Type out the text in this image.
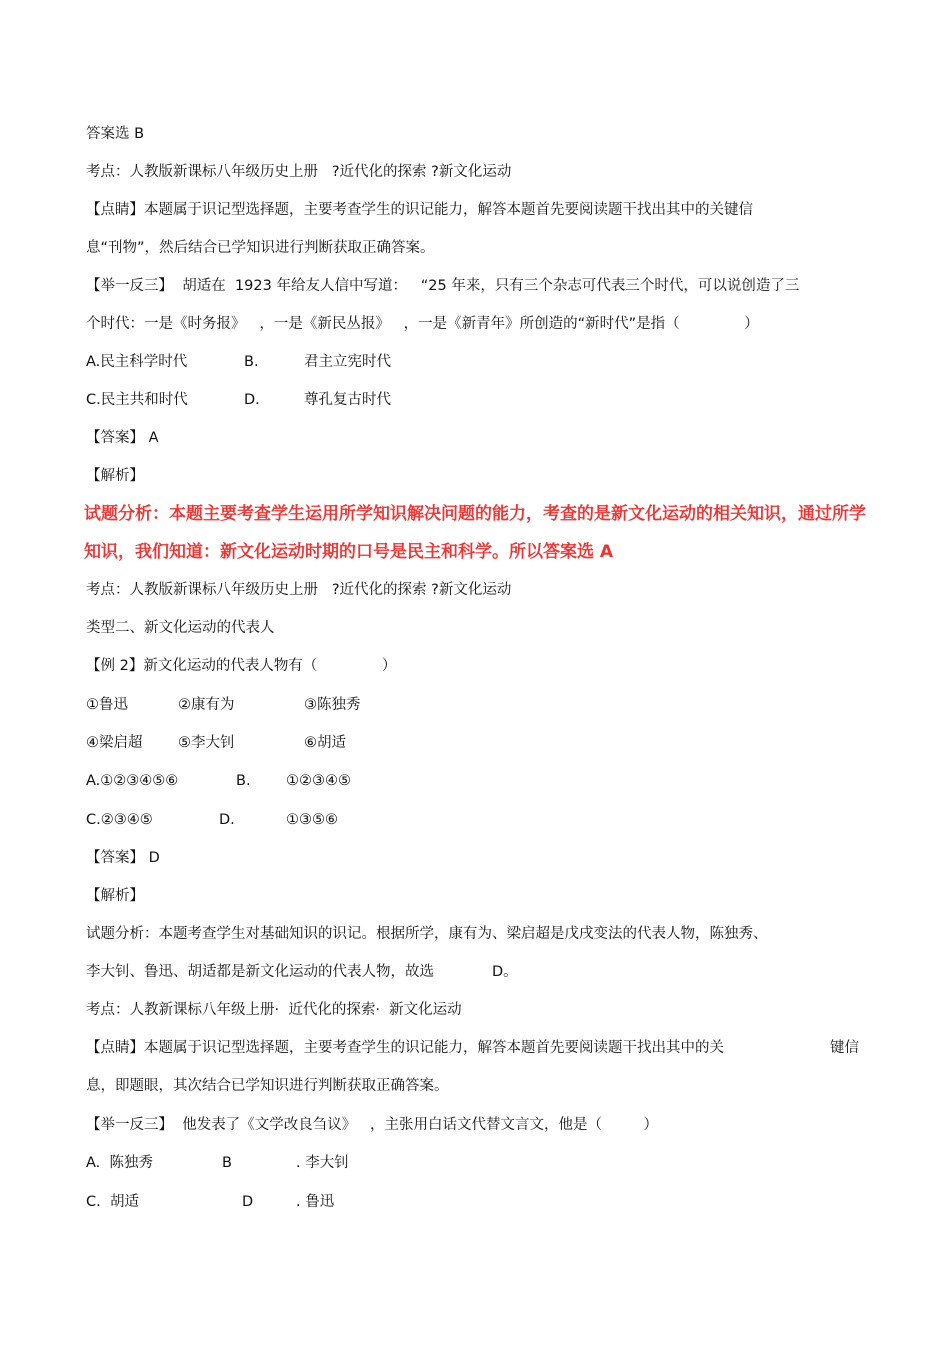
答案选 B
考点：人教版新课标八年级历史上册   ?近代化的探索 ?新文化运动
【点睛】本题属于识记型选择题，主要考查学生的识记能力，解答本题首先要阅读题干找出其中的关键信
息“刊物”，然后结合已学知识进行判断获取正确答案。
【举一反三】  胡适在  1923 年给友人信中写道：   “25 年来，只有三个杂志可代表三个时代，可以说创造了三
个时代：一是《时务报》   ，一是《新民丛报》   ，一是《新青年》所创造的“新时代”是指（              ）
A.民主科学时代	B.	君主立宪时代
C.民主共和时代	D.	尊孔复古时代
【答案】 A
【解析】
试题分析：本题主要考查学生运用所学知识解决问题的能力，考查的是新文化运动的相关知识，通过所学
知识，我们知道：新文化运动时期的口号是民主和科学。所以答案选 A
考点：人教版新课标八年级历史上册   ?近代化的探索 ?新文化运动
类型二、新文化运动的代表人
【例 2】新文化运动的代表人物有（              ）
①鲁迅	②康有为	③陈独秀
④梁启超 ⑤李大钊	⑥胡适
A.①②③④⑤⑥	B. ①②③④⑤
C.②③④⑤	D.	①③⑤⑥
【答案】 D
【解析】
试题分析：本题考查学生对基础知识的识记。根据所学，康有为、梁启超是戊戌变法的代表人物，陈独秀、
李大钊、鲁迅、胡适都是新文化运动的代表人物，故选	D。
考点：人教新课标八年级上册·  近代化的探索·  新文化运动
【点睛】本题属于识记型选择题，主要考查学生的识记能力，解答本题首先要阅读题干找出其中的关	键信
息，即题眼，其次结合已学知识进行判断获取正确答案。
【举一反三】  他发表了《文学改良刍议》   ，主张用白话文代替文言文，他是（         ）
A.  陈独秀	B	. 李大钊
C.  胡适	D	. 鲁迅
